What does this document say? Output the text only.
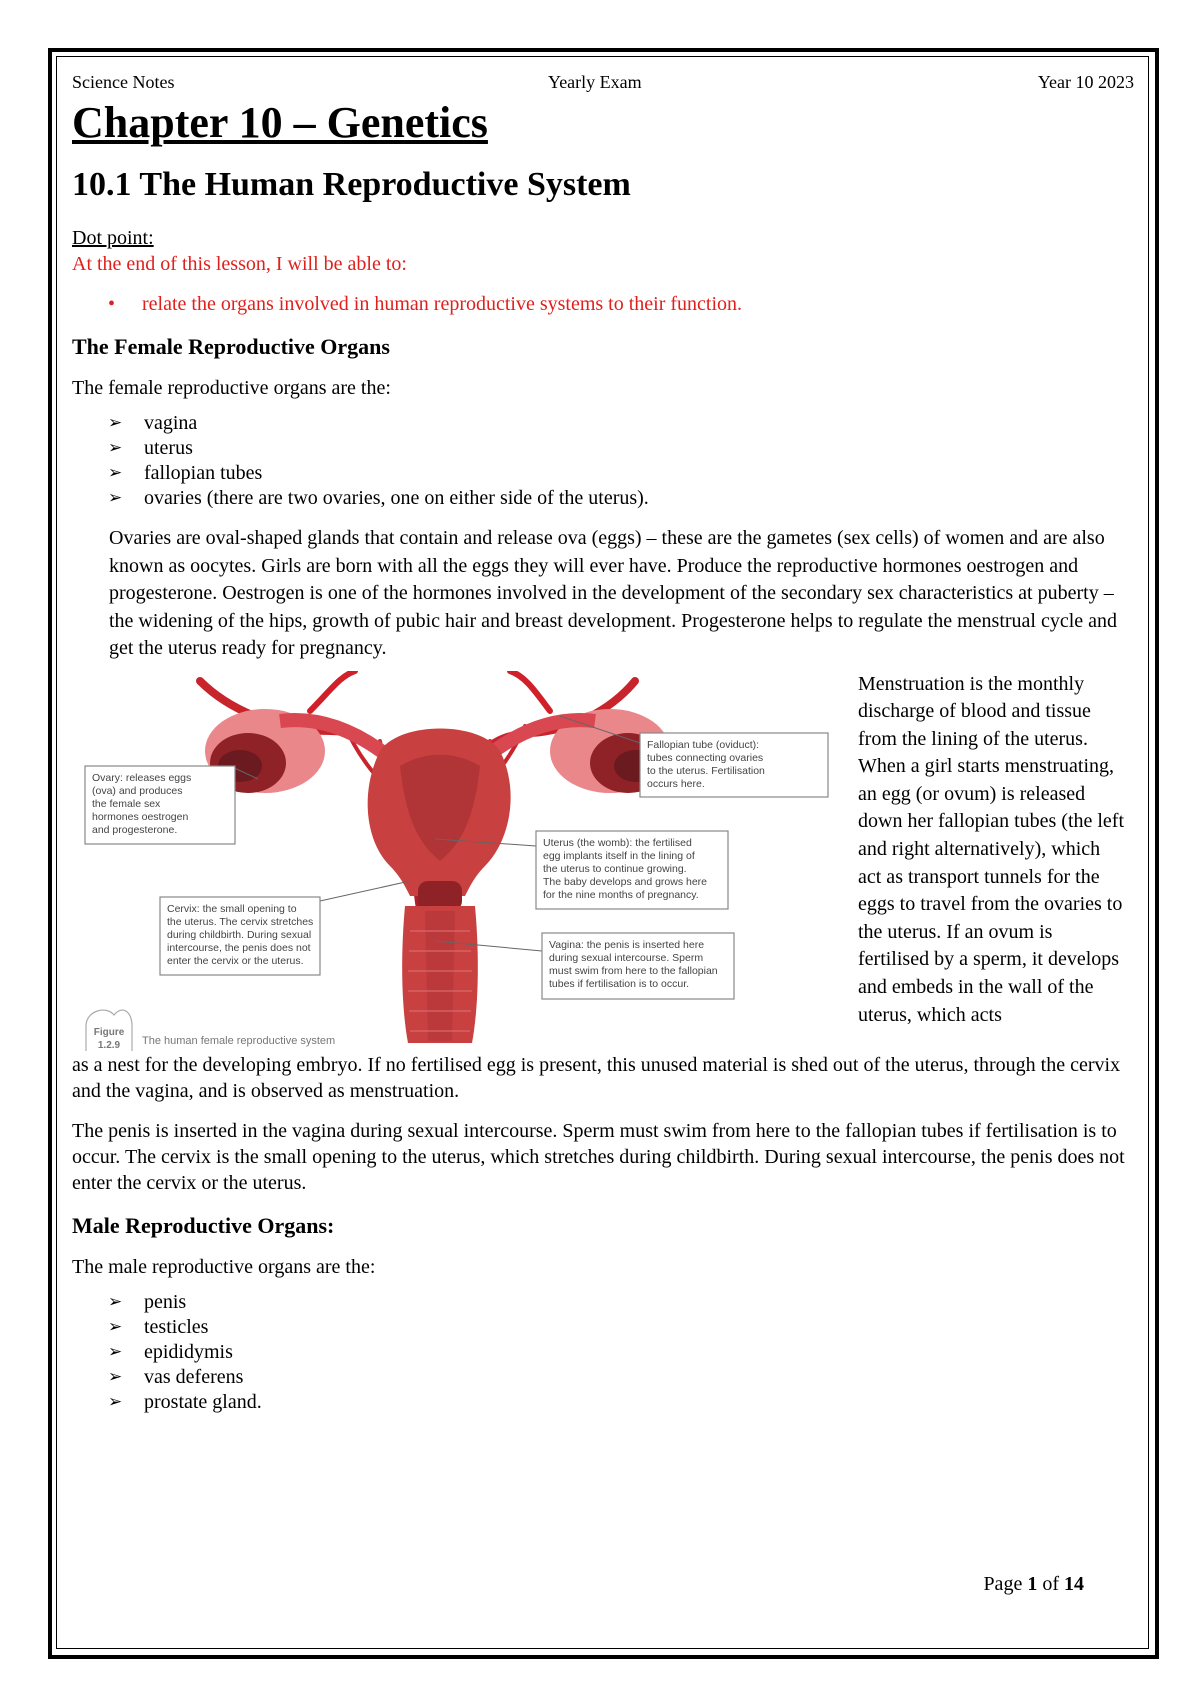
Science Notes	Yearly Exam	Year 10 2023
Chapter 10 – Genetics
10.1 The Human Reproductive System
Dot point:
At the end of this lesson, I will be able to:
• relate the organs involved in human reproductive systems to their function.
The Female Reproductive Organs
The female reproductive organs are the:
➢ vagina
➢ uterus
➢ fallopian tubes
➢ ovaries (there are two ovaries, one on either side of the uterus).
Ovaries are oval-shaped glands that contain and release ova (eggs) – these are the gametes (sex cells) of women and are also known as oocytes. Girls are born with all the eggs they will ever have. Produce the reproductive hormones oestrogen and progesterone. Oestrogen is one of the hormones involved in the development of the secondary sex characteristics at puberty – the widening of the hips, growth of pubic hair and breast development. Progesterone helps to regulate the menstrual cycle and get the uterus ready for pregnancy.
Ovary: releases eggs
(ova) and produces
the female sex
hormones oestrogen
and progesterone.
Fallopian tube (oviduct):
tubes connecting ovaries
to the uterus. Fertilisation
occurs here.
Uterus (the womb): the fertilised
egg implants itself in the lining of
the uterus to continue growing.
The baby develops and grows here
for the nine months of pregnancy.
Cervix: the small opening to
the uterus. The cervix stretches
during childbirth. During sexual
intercourse, the penis does not
enter the cervix or the uterus.
Vagina: the penis is inserted here
during sexual intercourse. Sperm
must swim from here to the fallopian
tubes if fertilisation is to occur.
Figure
1.2.9 The human female reproductive system
Menstruation is the monthly discharge of blood and tissue from the lining of the uterus. When a girl starts menstruating, an egg (or ovum) is released down her fallopian tubes (the left and right alternatively), which act as transport tunnels for the eggs to travel from the ovaries to the uterus. If an ovum is fertilised by a sperm, it develops and embeds in the wall of the uterus, which acts
as a nest for the developing embryo. If no fertilised egg is present, this unused material is shed out of the uterus, through the cervix and the vagina, and is observed as menstruation.
The penis is inserted in the vagina during sexual intercourse. Sperm must swim from here to the fallopian tubes if fertilisation is to occur. The cervix is the small opening to the uterus, which stretches during childbirth. During sexual intercourse, the penis does not enter the cervix or the uterus.
Male Reproductive Organs:
The male reproductive organs are the:
➢ penis
➢ testicles
➢ epididymis
➢ vas deferens
➢ prostate gland.
Page 1 of 14
